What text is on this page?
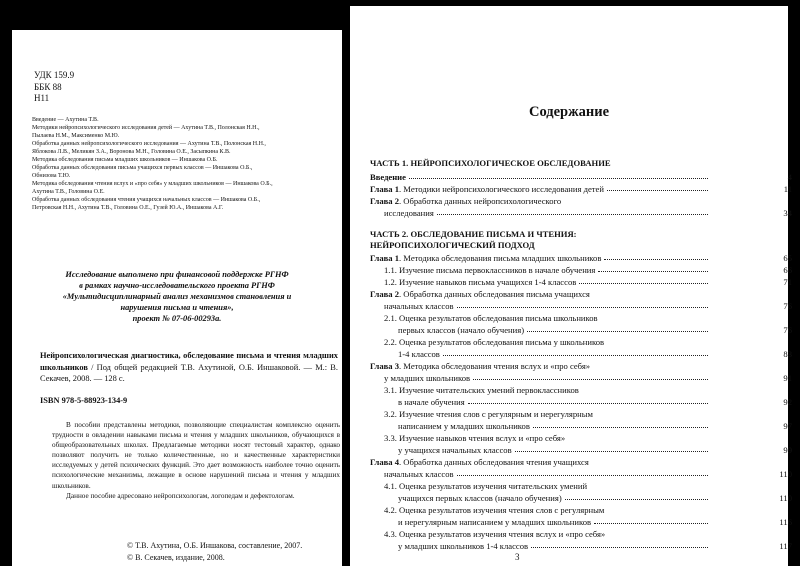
УДК 159.9
ББК 88
Н11
Введение — Ахутина Т.В.
Методики нейропсихологического исследования детей — Ахутина Т.В., Полонская Н.Н.,
Пылаева Н.М., Максименко М.Ю.
Обработка данных нейропсихологического исследования — Ахутина Т.В., Полонская Н.Н.,
Яблокова Л.В., Меликян З.А., Воронова М.Н., Головина О.Е., Засыпкина К.В.
Методика обследования письма младших школьников — Иншакова О.Б.
Обработка данных обследования письма учащихся первых классов — Иншакова О.Б.,
Обнизова Т.Ю.
Методика обследования чтения вслух и «про себя» у младших школьников — Иншакова О.Б.,
Ахутина Т.В., Головина О.Е.
Обработка данных обследования чтения учащихся начальных классов — Иншакова О.Б.,
Петровская Н.Н., Ахутина Т.В., Головина О.Е., Гузей Ю.А., Иншакова А.Г.
Исследование выполнено при финансовой поддержке РГНФ
в рамках научно-исследовательского проекта РГНФ
«Мультидисциплинарный анализ механизмов становления и
нарушения письма и чтения»,
проект № 07-06-00293а.
Нейропсихологическая диагностика, обследование письма и чтения младших школьников / Под общей редакцией Т.В. Ахутиной, О.Б. Иншаковой. — М.: В. Секачев, 2008. — 128 с.
ISBN 978-5-88923-134-9
В пособии представлены методики, позволяющие специалистам комплексно оценить трудности в овладении навыками письма и чтения у младших школьников, обучающихся в общеобразовательных школах. Предлагаемые методики носят тестовый характер, однако позволяют получить не только количественные, но и качественные характеристики исследуемых у детей психических функций. Это дает возможность наиболее точно оценить психологические механизмы, лежащие в основе нарушений письма и чтения у младших школьников.
Данное пособие адресовано нейропсихологам, логопедам и дефектологам.
© Т.В. Ахутина, О.Б. Иншакова, составление, 2007.
© В. Секачев, издание, 2008.
Содержание
ЧАСТЬ 1. НЕЙРОПСИХОЛОГИЧЕСКОЕ ОБСЛЕДОВАНИЕ
ЧАСТЬ 2. ОБСЛЕДОВАНИЕ ПИСЬМА И ЧТЕНИЯ:
НЕЙРОПСИХОЛОГИЧЕСКИЙ ПОДХОД
Введение	4
Глава 1. Методики нейропсихологического исследования детей	11
Глава 2. Обработка данных нейропсихологического
исследования	34
Глава 1. Методика обследования письма младших школьников	65
1.1. Изучение письма первоклассников в начале обучения	66
1.2. Изучение навыков письма учащихся 1-4 классов	71
Глава 2. Обработка данных обследования письма учащихся
начальных классов	76
2.1. Оценка результатов обследования письма школьников
первых классов (начало обучения)	76
2.2. Оценка результатов обследования письма у школьников
1-4 классов	83
Глава 3. Методика обследования чтения вслух и «про себя»
у младших школьников	91
3.1. Изучение читательских умений первоклассников
в начале обучения	92
3.2. Изучение чтения слов с регулярным и нерегулярным
написанием у младших школьников	97
3.3. Изучение навыков чтения вслух и «про себя»
у учащихся начальных классов	99
Глава 4. Обработка данных обследования чтения учащихся
начальных классов	110
4.1. Оценка результатов изучения читательских умений
учащихся первых классов (начало обучения)	110
4.2. Оценка результатов изучения чтения слов с регулярным
и нерегулярным написанием у младших школьников	116
4.3. Оценка результатов изучения чтения вслух и «про себя»
у младших школьников 1-4 классов	117
3
